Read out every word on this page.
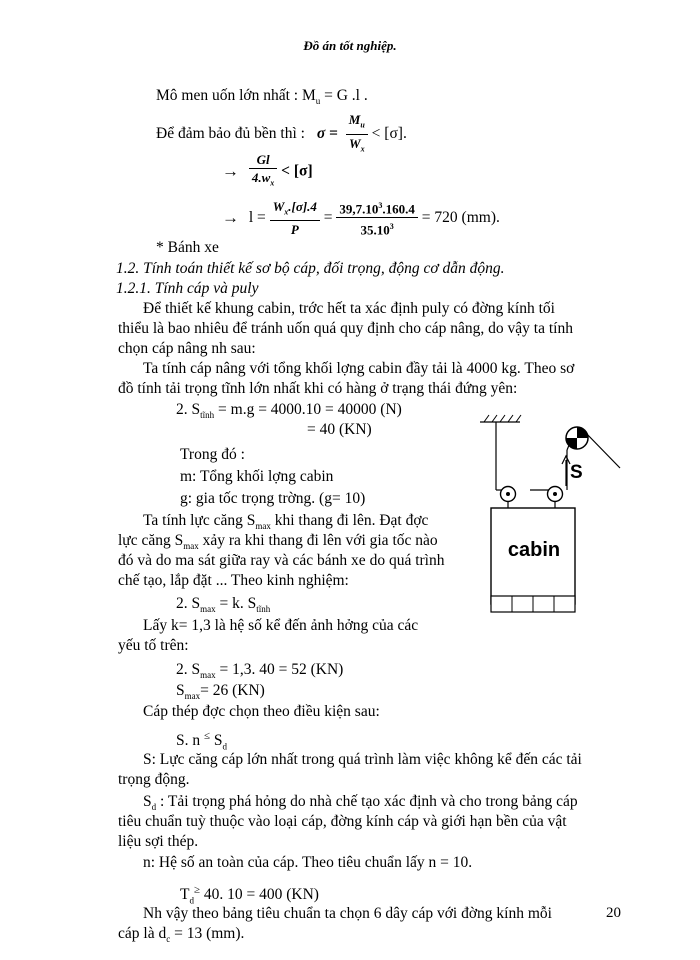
Đồ án tốt nghiệp.
Mô men uốn lớn nhất : $M_u = G$ .l .
Để đảm bảo đủ bền thì : $\sigma = \frac{M_u}{W_x} < [\sigma]$.
→ $\frac{Gl}{4.w_x} < [\sigma]$
→ $l = \frac{W_x.[\sigma].4}{P} = \frac{39,7.10^3.160.4}{35.10^3} = 720$ (mm).
* Bánh xe
1.2. Tính toán thiết kế sơ bộ cáp, đối trọng, động cơ dẫn động.
1.2.1. Tính cáp và puly
Để thiết kế khung cabin, trớc hết ta xác định puly có đờng kính tối
thiểu là bao nhiêu để tránh uốn quá quy định cho cáp nâng, do vậy ta tính
chọn cáp nâng nh sau:
Ta tính cáp nâng với tổng khối lợng cabin đầy tải là 4000 kg. Theo sơ
đồ tính tải trọng tĩnh lớn nhất khi có hàng ở trạng thái đứng yên:
2. $S_{tĩnh} = m.g = 4000.10 = 40000$ (N)
= 40 (KN)
Trong đó :
m: Tổng khối lợng cabin
g: gia tốc trọng trờng. (g= 10)
Ta tính lực căng $S_{max}$ khi thang đi lên. Đạt đợc
lực căng $S_{max}$ xảy ra khi thang đi lên với gia tốc nào
đó và do ma sát giữa ray và các bánh xe do quá trình
chế tạo, lắp đặt ... Theo kinh nghiệm:
2. $S_{max} = k$. $S_{tĩnh}$
Lấy k= 1,3 là hệ số kể đến ảnh hởng của các
yếu tố trên:
2. $S_{max} = 1,3$. 40 = 52 (KN)
$S_{max}= 26$ (KN)
Cáp thép đợc chọn theo điều kiện sau:
S. n ≤ $S_d$
S: Lực căng cáp lớn nhất trong quá trình làm việc không kể đến các tải
trọng động.
$S_d$ : Tải trọng phá hỏng do nhà chế tạo xác định và cho trong bảng cáp
tiêu chuẩn tuỳ thuộc vào loại cáp, đờng kính cáp và giới hạn bền của vật
liệu sợi thép.
n: Hệ số an toàn của cáp. Theo tiêu chuẩn lấy n = 10.
$T_d^\ge$ 40. 10 = 400 (KN)
Nh vậy theo bảng tiêu chuẩn ta chọn 6 dây cáp với đờng kính mỗi
cáp là $d_c = 13$ (mm).
S
cabin
20
